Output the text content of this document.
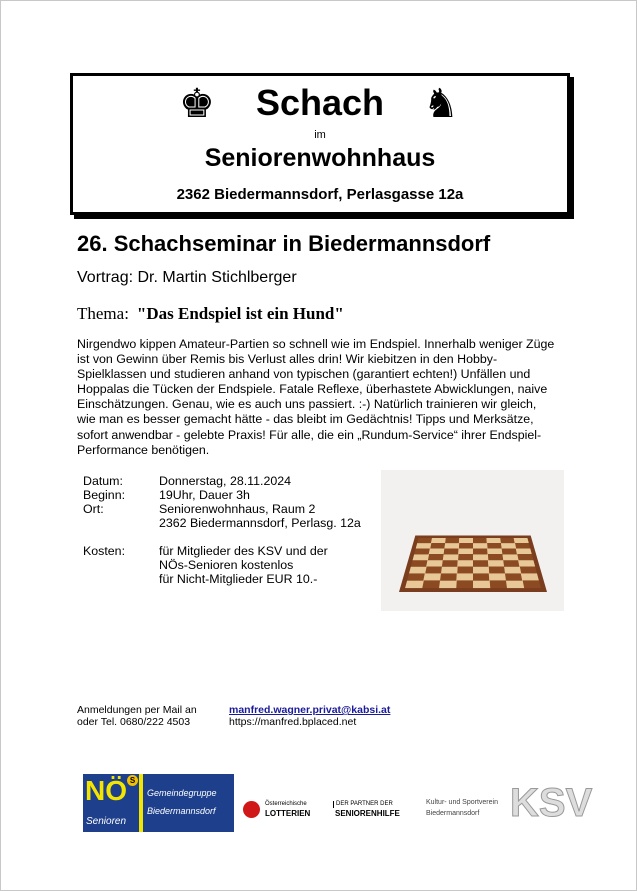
♚	♞
Schach
im
Seniorenwohnhaus
2362 Biedermannsdorf, Perlasgasse 12a
26. Schachseminar in Biedermannsdorf
Vortrag: Dr. Martin Stichlberger
Thema: "Das Endspiel ist ein Hund"
Nirgendwo kippen Amateur-Partien so schnell wie im Endspiel. Innerhalb weniger Züge ist von Gewinn über Remis bis Verlust alles drin! Wir kiebitzen in den Hobby-Spielklassen und studieren anhand von typischen (garantiert echten!) Unfällen und Hoppalas die Tücken der Endspiele. Fatale Reflexe, überhastete Abwicklungen, naive Einschätzungen. Genau, wie es auch uns passiert. :-) Natürlich trainieren wir gleich, wie man es besser gemacht hätte - das bleibt im Gedächtnis! Tipps und Merksätze, sofort anwendbar - gelebte Praxis! Für alle, die ein „Rundum-Service“ ihrer Endspiel-Performance benötigen.
Datum:
Beginn:
Ort:
Kosten:
Donnerstag, 28.11.2024
19Uhr, Dauer 3h
Seniorenwohnhaus, Raum 2
2362 Biedermannsdorf, Perlasg. 12a
für Mitglieder des KSV und der
NÖs-Senioren kostenlos
für Nicht-Mitglieder EUR 10.-
Anmeldungen per Mail an
oder Tel. 0680/222 4503
manfred.wagner.privat@kabsi.at
https://manfred.bplaced.net
NÖ S
Senioren
Gemeindegruppe
Biedermannsdorf
Österreichische
LOTTERIEN
DER PARTNER DER
SENIORENHILFE
Kultur- und Sportverein
Biedermannsdorf KSV
